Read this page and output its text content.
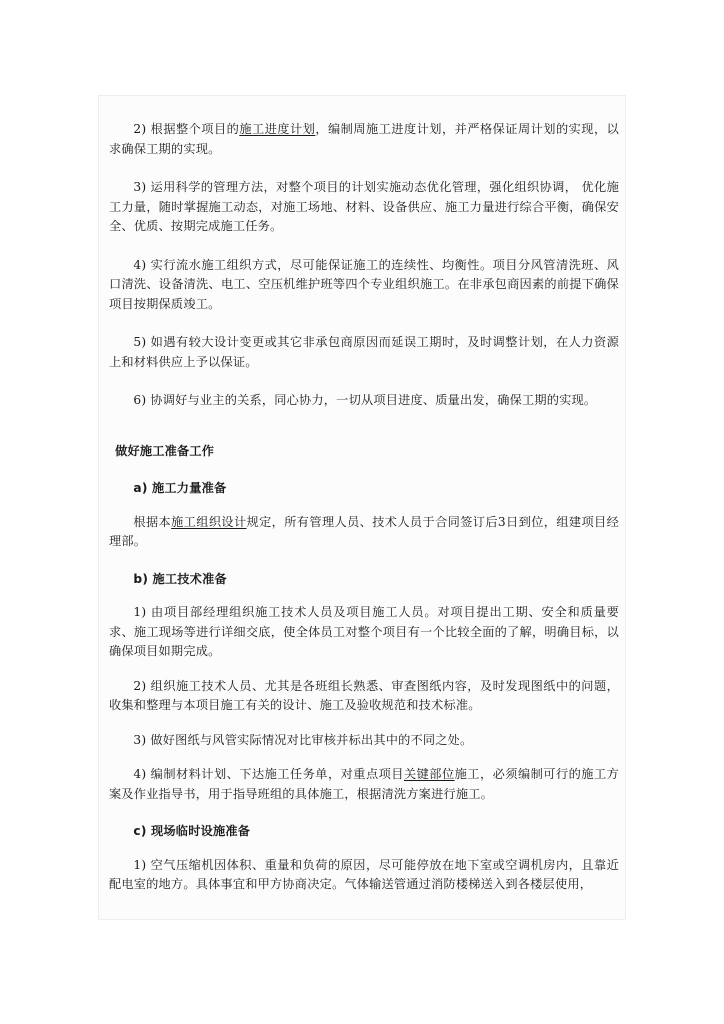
2) 根据整个项目的施工进度计划，编制周施工进度计划，并严格保证周计划的实现，以求确保工期的实现。

3) 运用科学的管理方法，对整个项目的计划实施动态优化管理，强化组织协调， 优化施工力量，随时掌握施工动态，对施工场地、材料、设备供应、施工力量进行综合平衡，确保安全、优质、按期完成施工任务。

4) 实行流水施工组织方式，尽可能保证施工的连续性、均衡性。项目分风管清洗班、风口清洗、设备清洗、电工、空压机维护班等四个专业组织施工。在非承包商因素的前提下确保项目按期保质竣工。

5) 如遇有较大设计变更或其它非承包商原因而延误工期时，及时调整计划，在人力资源上和材料供应上予以保证。

6) 协调好与业主的关系，同心协力，一切从项目进度、质量出发，确保工期的实现。

做好施工准备工作

a) 施工力量准备

根据本施工组织设计规定，所有管理人员、技术人员于合同签订后3日到位，组建项目经理部。

b) 施工技术准备

1) 由项目部经理组织施工技术人员及项目施工人员。对项目提出工期、安全和质量要求、施工现场等进行详细交底，使全体员工对整个项目有一个比较全面的了解，明确目标，以确保项目如期完成。

2) 组织施工技术人员、尤其是各班组长熟悉、审查图纸内容，及时发现图纸中的问题，收集和整理与本项目施工有关的设计、施工及验收规范和技术标准。

3) 做好图纸与风管实际情况对比审核并标出其中的不同之处。

4) 编制材料计划、下达施工任务单，对重点项目关键部位施工，必须编制可行的施工方案及作业指导书，用于指导班组的具体施工，根据清洗方案进行施工。

c) 现场临时设施准备

1) 空气压缩机因体积、重量和负荷的原因，尽可能停放在地下室或空调机房内，且靠近配电室的地方。具体事宜和甲方协商决定。气体输送管通过消防楼梯送入到各楼层使用，
